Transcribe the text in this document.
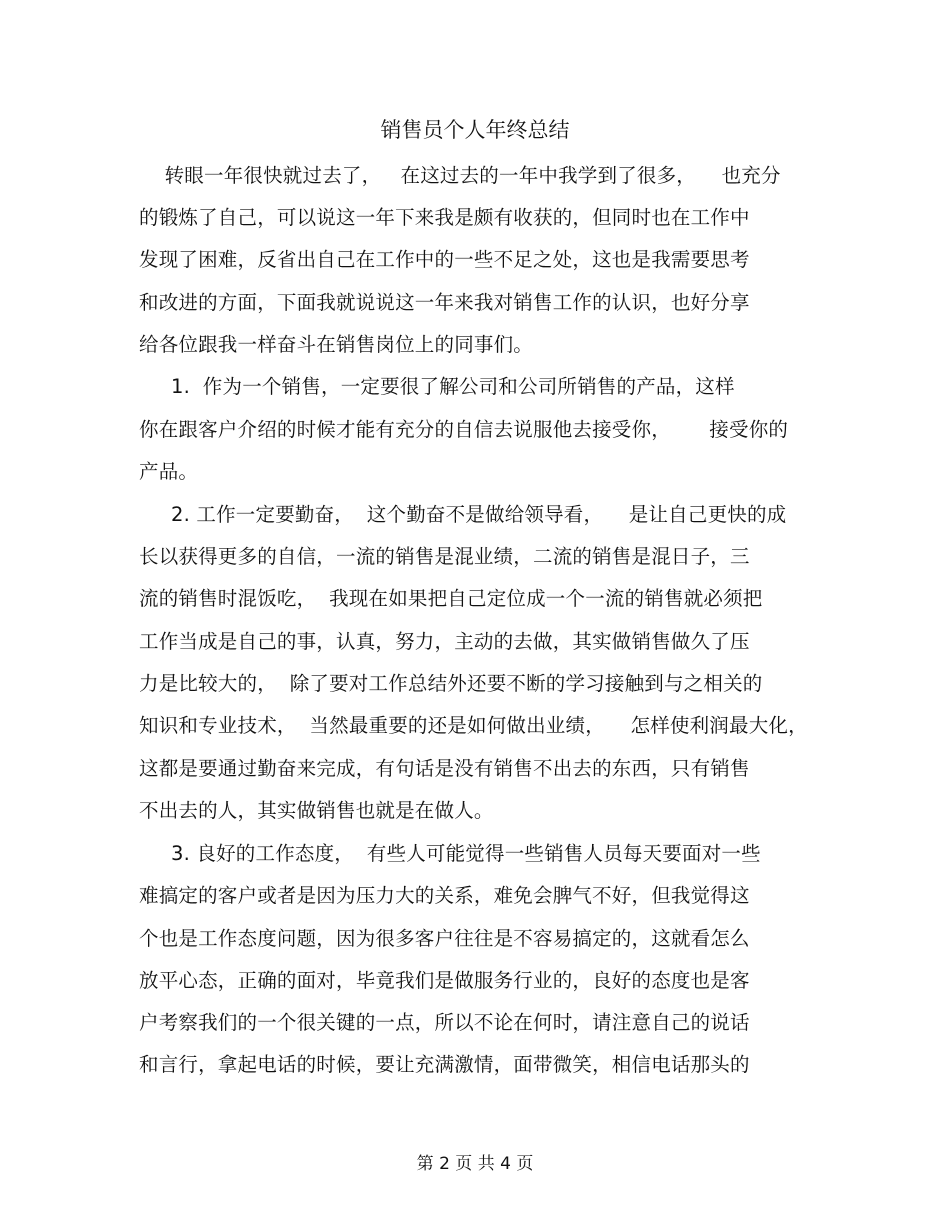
销售员个人年终总结
转眼一年很快就过去了，   在这过去的一年中我学到了很多，    也充分
的锻炼了自己，可以说这一年下来我是颇有收获的，但同时也在工作中
发现了困难，反省出自己在工作中的一些不足之处，这也是我需要思考
和改进的方面，下面我就说说这一年来我对销售工作的认识，也好分享
给各位跟我一样奋斗在销售岗位上的同事们。
1.  作为一个销售，一定要很了解公司和公司所销售的产品，这样
你在跟客户介绍的时候才能有充分的自信去说服他去接受你，      接受你的
产品。
2. 工作一定要勤奋，  这个勤奋不是做给领导看，    是让自己更快的成
长以获得更多的自信，一流的销售是混业绩，二流的销售是混日子，三
流的销售时混饭吃，  我现在如果把自己定位成一个一流的销售就必须把
工作当成是自己的事，认真，努力，主动的去做，其实做销售做久了压
力是比较大的，  除了要对工作总结外还要不断的学习接触到与之相关的
知识和专业技术，  当然最重要的还是如何做出业绩，    怎样使利润最大化，
这都是要通过勤奋来完成，有句话是没有销售不出去的东西，只有销售
不出去的人，其实做销售也就是在做人。
3. 良好的工作态度，  有些人可能觉得一些销售人员每天要面对一些
难搞定的客户或者是因为压力大的关系，难免会脾气不好，但我觉得这
个也是工作态度问题，因为很多客户往往是不容易搞定的，这就看怎么
放平心态，正确的面对，毕竟我们是做服务行业的，良好的态度也是客
户考察我们的一个很关键的一点，所以不论在何时，请注意自己的说话
和言行，拿起电话的时候，要让充满激情，面带微笑，相信电话那头的
第 2 页 共 4 页
